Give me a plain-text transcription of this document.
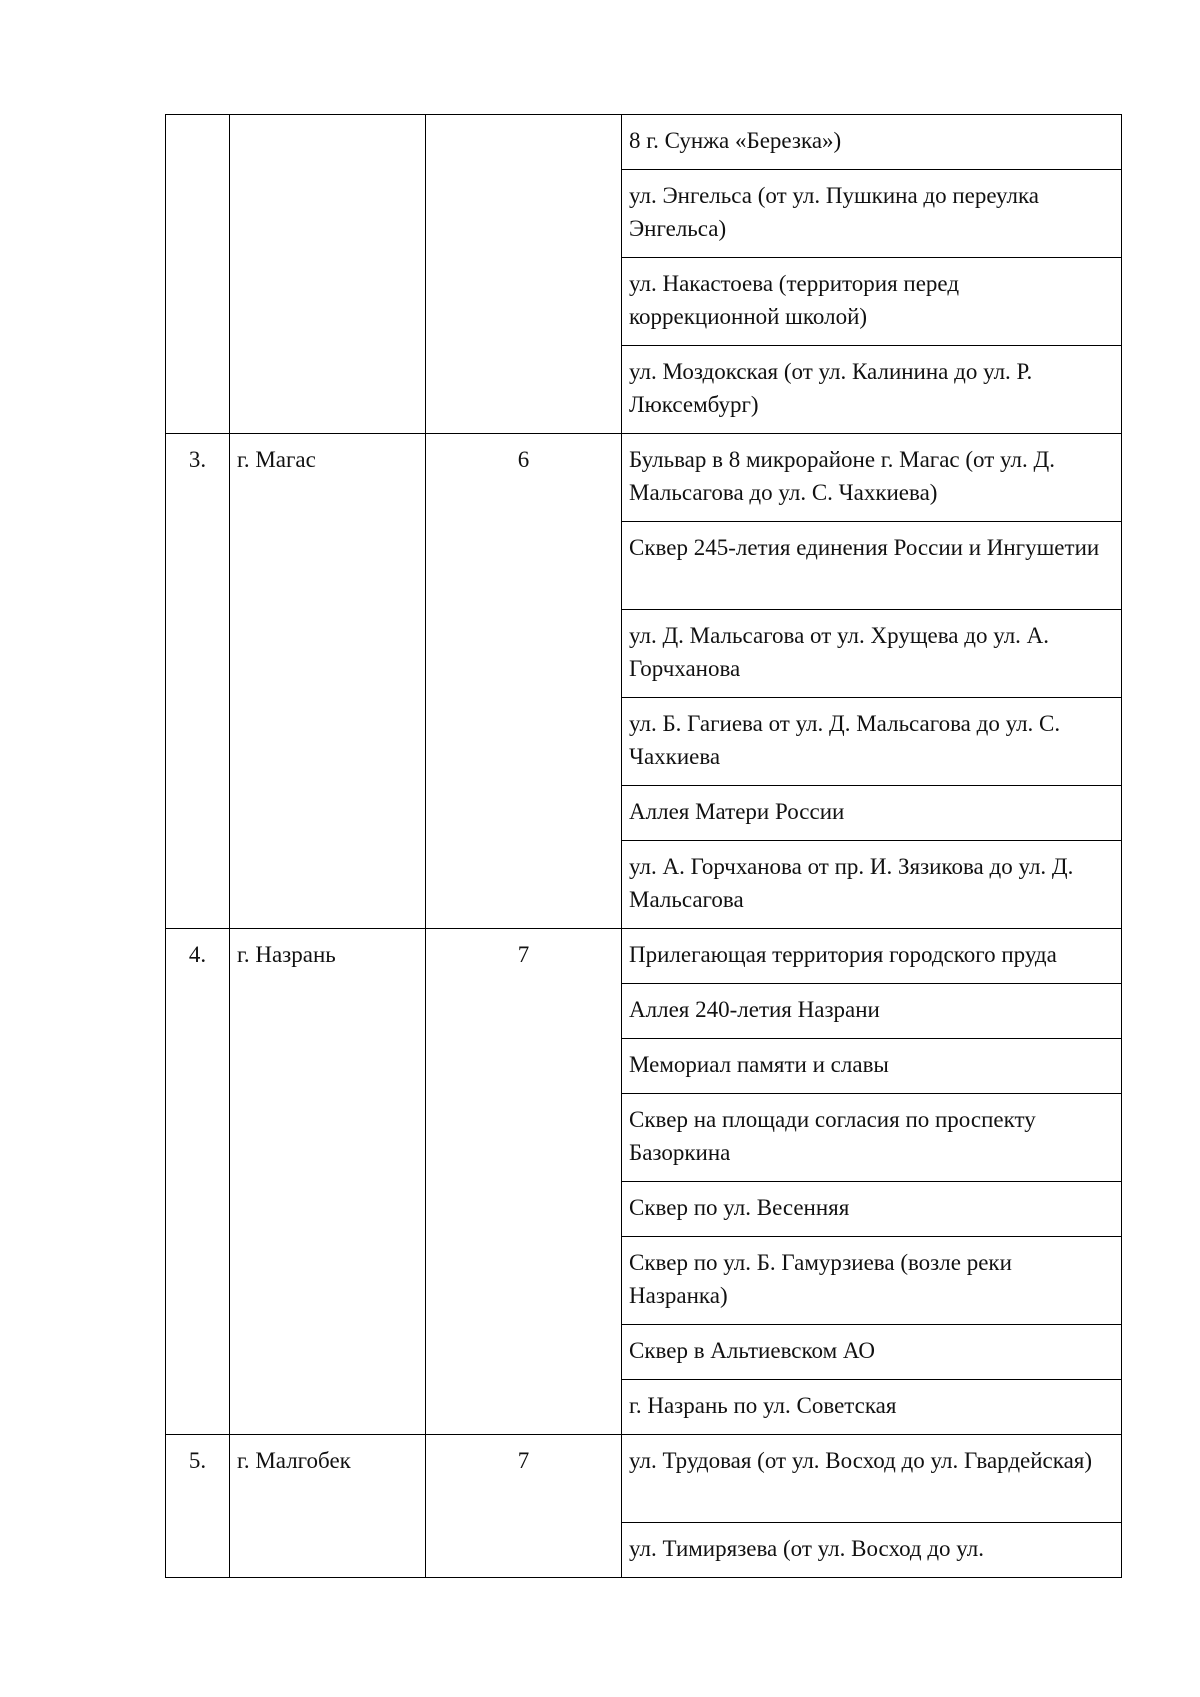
			8 г. Сунжа «Березка»)
			ул. Энгельса (от ул. Пушкина до переулка Энгельса)
			ул. Накастоева (территория перед коррекционной школой)
			ул. Моздокская (от ул. Калинина до ул. Р. Люксембург)
3.	г. Магас	6	Бульвар в 8 микрорайоне г. Магас (от ул. Д. Мальсагова до ул. С. Чахкиева)
			Сквер 245-летия единения России и Ингушетии
			ул. Д. Мальсагова от ул. Хрущева до ул. А. Горчханова
			ул. Б. Гагиева от ул. Д. Мальсагова до ул. С. Чахкиева
			Аллея Матери России
			ул. А. Горчханова от пр. И. Зязикова до ул. Д. Мальсагова
4.	г. Назрань	7	Прилегающая территория городского пруда
			Аллея 240-летия Назрани
			Мемориал памяти и славы
			Сквер на площади согласия по проспекту Базоркина
			Сквер по ул. Весенняя
			Сквер по ул. Б. Гамурзиева (возле реки Назранка)
			Сквер в Альтиевском АО
			г. Назрань по ул. Советская
5.	г. Малгобек	7	ул. Трудовая (от ул. Восход до ул. Гвардейская)
			ул. Тимирязева (от ул. Восход до ул.
